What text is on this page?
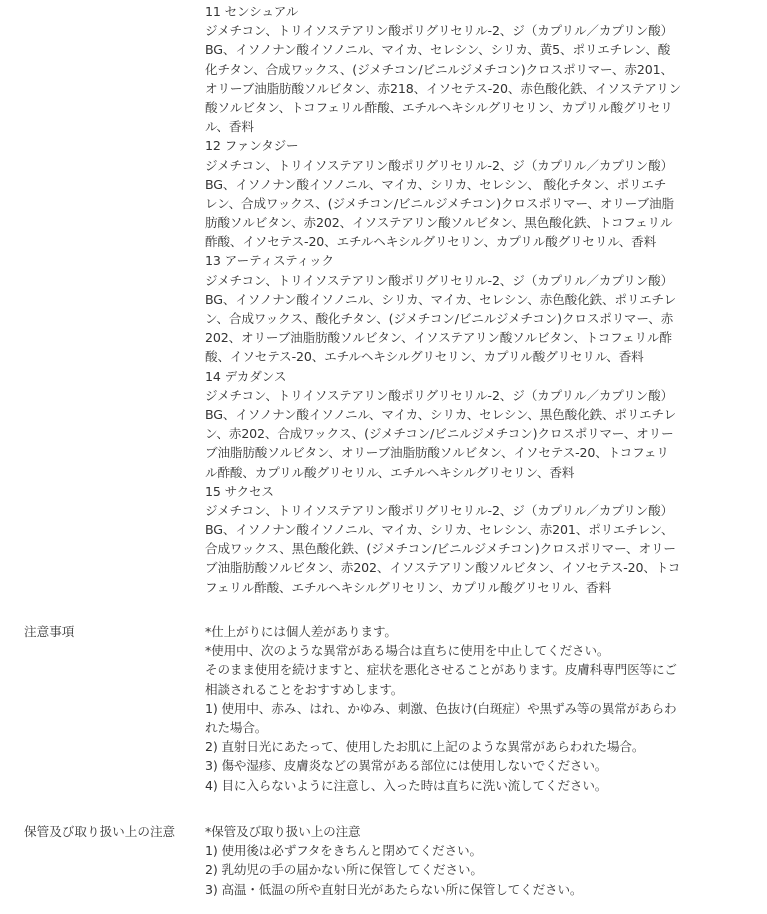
11 センシュアル
ジメチコン、トリイソステアリン酸ポリグリセリル-2、ジ（カプリル／カプリン酸）
BG、イソノナン酸イソノニル、マイカ、セレシン、シリカ、黄5、ポリエチレン、酸
化チタン、合成ワックス、(ジメチコン/ビニルジメチコン)クロスポリマー、赤201、
オリーブ油脂肪酸ソルビタン、赤218、イソセテス-20、赤色酸化鉄、イソステアリン
酸ソルビタン、トコフェリル酢酸、エチルヘキシルグリセリン、カプリル酸グリセリ
ル、香料
12 ファンタジー
ジメチコン、トリイソステアリン酸ポリグリセリル-2、ジ（カプリル／カプリン酸）
BG、イソノナン酸イソノニル、マイカ、シリカ、セレシン、 酸化チタン、ポリエチ
レン、合成ワックス、(ジメチコン/ビニルジメチコン)クロスポリマー、オリーブ油脂
肪酸ソルビタン、赤202、イソステアリン酸ソルビタン、黒色酸化鉄、トコフェリル
酢酸、イソセテス-20、エチルヘキシルグリセリン、カプリル酸グリセリル、香料
13 アーティスティック
ジメチコン、トリイソステアリン酸ポリグリセリル-2、ジ（カプリル／カプリン酸）
BG、イソノナン酸イソノニル、シリカ、マイカ、セレシン、赤色酸化鉄、ポリエチレ
ン、合成ワックス、酸化チタン、(ジメチコン/ビニルジメチコン)クロスポリマー、赤
202、オリーブ油脂肪酸ソルビタン、イソステアリン酸ソルビタン、トコフェリル酢
酸、イソセテス-20、エチルヘキシルグリセリン、カプリル酸グリセリル、香料
14 デカダンス
ジメチコン、トリイソステアリン酸ポリグリセリル-2、ジ（カプリル／カプリン酸）
BG、イソノナン酸イソノニル、マイカ、シリカ、セレシン、黒色酸化鉄、ポリエチレ
ン、赤202、合成ワックス、(ジメチコン/ビニルジメチコン)クロスポリマー、オリー
ブ油脂肪酸ソルビタン、オリーブ油脂肪酸ソルビタン、イソセテス-20、トコフェリ
ル酢酸、カプリル酸グリセリル、エチルヘキシルグリセリン、香料
15 サクセス
ジメチコン、トリイソステアリン酸ポリグリセリル-2、ジ（カプリル／カプリン酸）
BG、イソノナン酸イソノニル、マイカ、シリカ、セレシン、赤201、ポリエチレン、
合成ワックス、黒色酸化鉄、(ジメチコン/ビニルジメチコン)クロスポリマー、オリー
ブ油脂肪酸ソルビタン、赤202、イソステアリン酸ソルビタン、イソセテス-20、トコ
フェリル酢酸、エチルヘキシルグリセリン、カプリル酸グリセリル、香料
注意事項	*仕上がりには個人差があります。
*使用中、次のような異常がある場合は直ちに使用を中止してください。
そのまま使用を続けますと、症状を悪化させることがあります。皮膚科専門医等にご
相談されることをおすすめします。
1) 使用中、赤み、はれ、かゆみ、刺激、色抜け(白斑症）や黒ずみ等の異常があらわ
れた場合。
2) 直射日光にあたって、使用したお肌に上記のような異常があらわれた場合。
3) 傷や湿疹、皮膚炎などの異常がある部位には使用しないでください。
4) 目に入らないように注意し、入った時は直ちに洗い流してください。
保管及び取り扱い上の注意 *保管及び取り扱い上の注意
1) 使用後は必ずフタをきちんと閉めてください。
2) 乳幼児の手の届かない所に保管してください。
3) 高温・低温の所や直射日光があたらない所に保管してください。
